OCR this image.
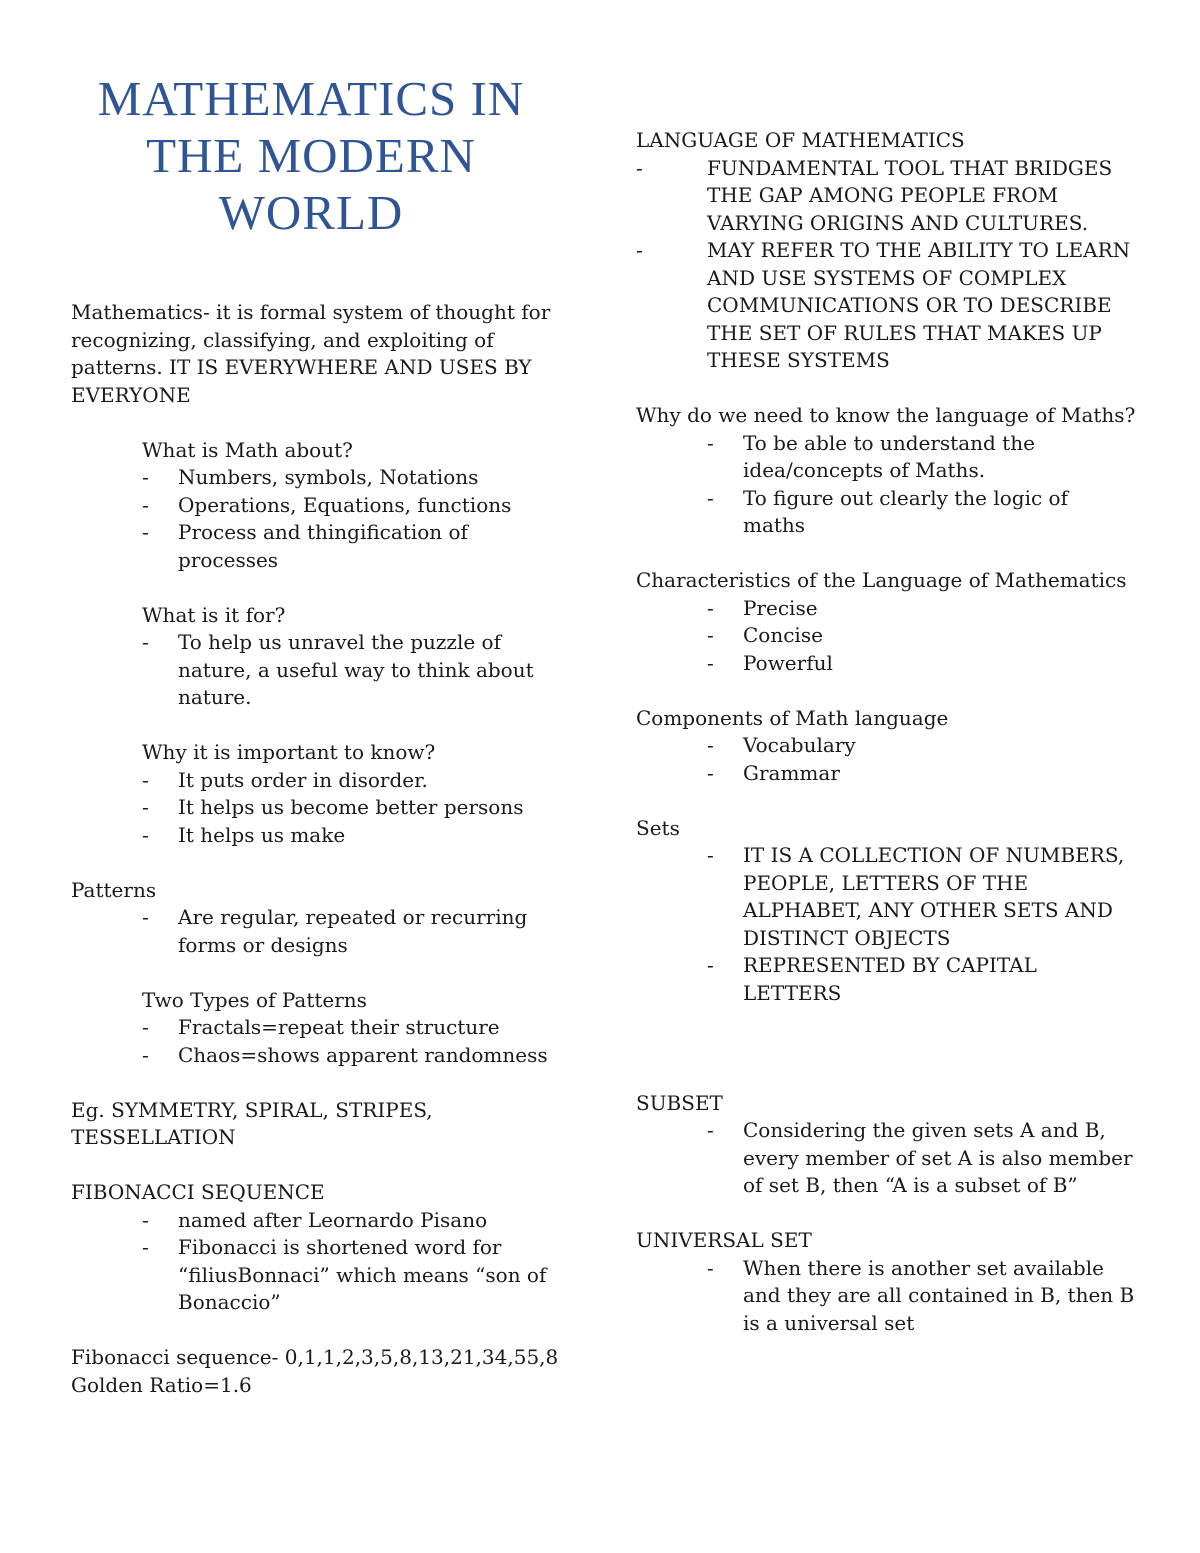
MATHEMATICS IN THE MODERN WORLD

Mathematics- it is formal system of thought for recognizing, classifying, and exploiting of patterns. IT IS EVERYWHERE AND USES BY EVERYONE

What is Math about?

- Numbers, symbols, Notations
- Operations, Equations, functions
- Process and thingification of processes

What is it for?

- To help us unravel the puzzle of nature, a useful way to think about nature.

Why it is important to know?

- It puts order in disorder.
- It helps us become better persons
- It helps us make

Patterns

- Are regular, repeated or recurring forms or designs

Two Types of Patterns

- Fractals=repeat their structure
- Chaos=shows apparent randomness

Eg. SYMMETRY, SPIRAL, STRIPES, TESSELLATION

FIBONACCI SEQUENCE

- named after Leornardo Pisano
- Fibonacci is shortened word for “filiusBonnaci” which means “son of Bonaccio”

Fibonacci sequence- 0,1,1,2,3,5,8,13,21,34,55,8

Golden Ratio=1.6

LANGUAGE OF MATHEMATICS

- FUNDAMENTAL TOOL THAT BRIDGES THE GAP AMONG PEOPLE FROM VARYING ORIGINS AND CULTURES.

- MAY REFER TO THE ABILITY TO LEARN AND USE SYSTEMS OF COMPLEX COMMUNICATIONS OR TO DESCRIBE THE SET OF RULES THAT MAKES UP THESE SYSTEMS

Why do we need to know the language of Maths?

- To be able to understand the idea/concepts of Maths.
- To figure out clearly the logic of maths

Characteristics of the Language of Mathematics

- Precise
- Concise
- Powerful

Components of Math language

- Vocabulary
- Grammar

Sets

- IT IS A COLLECTION OF NUMBERS, PEOPLE, LETTERS OF THE ALPHABET, ANY OTHER SETS AND DISTINCT OBJECTS
- REPRESENTED BY CAPITAL LETTERS

SUBSET

- Considering the given sets A and B, every member of set A is also member of set B, then “A is a subset of B”

UNIVERSAL SET

- When there is another set available and they are all contained in B, then B is a universal set
